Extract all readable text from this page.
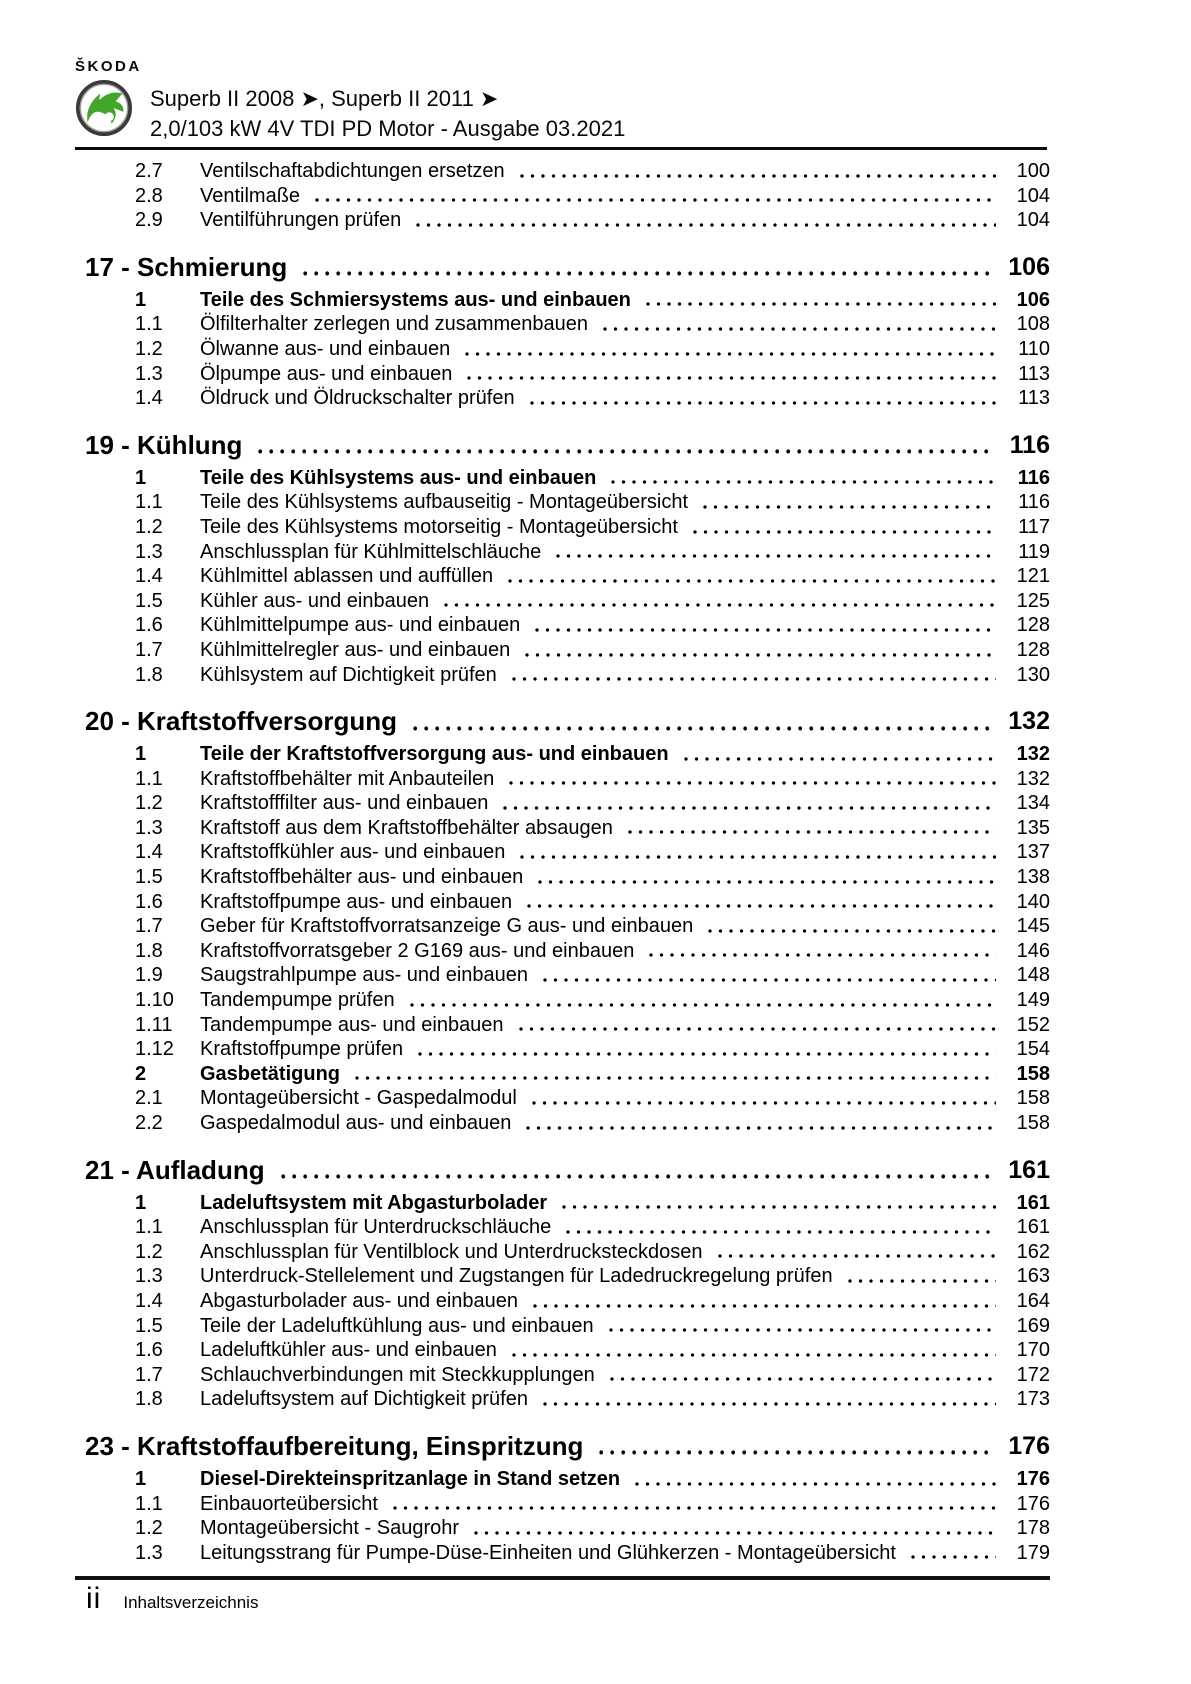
ŠKODA
Superb II 2008 ➤, Superb II 2011 ➤
2,0/103 kW 4V TDI PD Motor - Ausgabe 03.2021
2.7	Ventilschaftabdichtungen ersetzen	100
2.8	Ventilmaße	104
2.9	Ventilführungen prüfen	104
17 - Schmierung	106
1	Teile des Schmiersystems aus- und einbauen	106
1.1	Ölfilterhalter zerlegen und zusammenbauen	108
1.2	Ölwanne aus- und einbauen	110
1.3	Ölpumpe aus- und einbauen	113
1.4	Öldruck und Öldruckschalter prüfen	113
19 - Kühlung	116
1	Teile des Kühlsystems aus- und einbauen	116
1.1	Teile des Kühlsystems aufbauseitig - Montageübersicht	116
1.2	Teile des Kühlsystems motorseitig - Montageübersicht	117
1.3	Anschlussplan für Kühlmittelschläuche	119
1.4	Kühlmittel ablassen und auffüllen	121
1.5	Kühler aus- und einbauen	125
1.6	Kühlmittelpumpe aus- und einbauen	128
1.7	Kühlmittelregler aus- und einbauen	128
1.8	Kühlsystem auf Dichtigkeit prüfen	130
20 - Kraftstoffversorgung	132
1	Teile der Kraftstoffversorgung aus- und einbauen	132
1.1	Kraftstoffbehälter mit Anbauteilen	132
1.2	Kraftstofffilter aus- und einbauen	134
1.3	Kraftstoff aus dem Kraftstoffbehälter absaugen	135
1.4	Kraftstoffkühler aus- und einbauen	137
1.5	Kraftstoffbehälter aus- und einbauen	138
1.6	Kraftstoffpumpe aus- und einbauen	140
1.7	Geber für Kraftstoffvorratsanzeige G aus- und einbauen	145
1.8	Kraftstoffvorratsgeber 2 G169 aus- und einbauen	146
1.9	Saugstrahlpumpe aus- und einbauen	148
1.10	Tandempumpe prüfen	149
1.11	Tandempumpe aus- und einbauen	152
1.12	Kraftstoffpumpe prüfen	154
2	Gasbetätigung	158
2.1	Montageübersicht - Gaspedalmodul	158
2.2	Gaspedalmodul aus- und einbauen	158
21 - Aufladung	161
1	Ladeluftsystem mit Abgasturbolader	161
1.1	Anschlussplan für Unterdruckschläuche	161
1.2	Anschlussplan für Ventilblock und Unterdrucksteckdosen	162
1.3	Unterdruck-Stellelement und Zugstangen für Ladedruckregelung prüfen	163
1.4	Abgasturbolader aus- und einbauen	164
1.5	Teile der Ladeluftkühlung aus- und einbauen	169
1.6	Ladeluftkühler aus- und einbauen	170
1.7	Schlauchverbindungen mit Steckkupplungen	172
1.8	Ladeluftsystem auf Dichtigkeit prüfen	173
23 - Kraftstoffaufbereitung, Einspritzung	176
1	Diesel-Direkteinspritzanlage in Stand setzen	176
1.1	Einbauorteübersicht	176
1.2	Montageübersicht - Saugrohr	178
1.3	Leitungsstrang für Pumpe-Düse-Einheiten und Glühkerzen - Montageübersicht	179
ii Inhaltsverzeichnis
